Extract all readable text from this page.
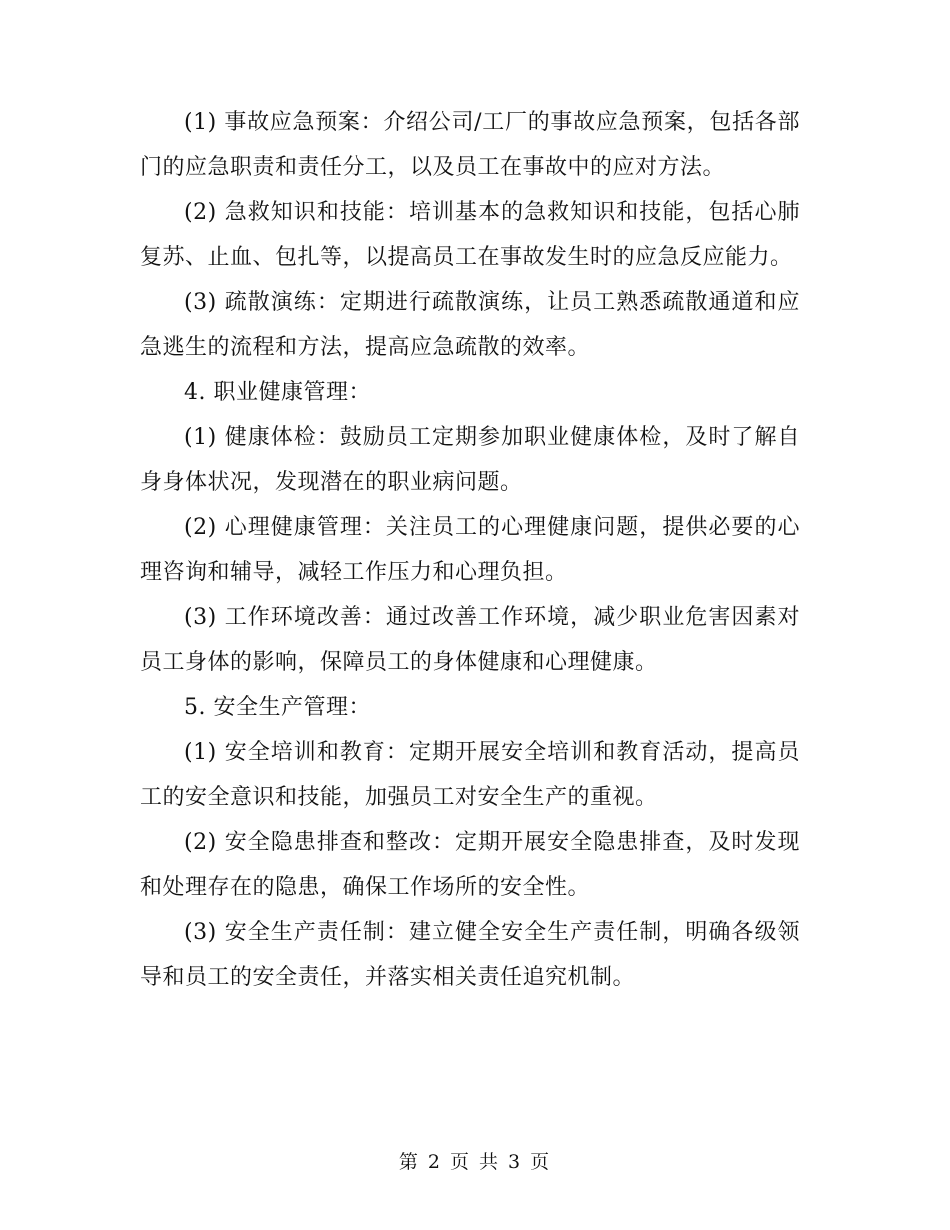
(1) 事故应急预案：介绍公司/工厂的事故应急预案，包括各部门的应急职责和责任分工，以及员工在事故中的应对方法。

(2) 急救知识和技能：培训基本的急救知识和技能，包括心肺复苏、止血、包扎等，以提高员工在事故发生时的应急反应能力。

(3) 疏散演练：定期进行疏散演练，让员工熟悉疏散通道和应急逃生的流程和方法，提高应急疏散的效率。

4. 职业健康管理：

(1) 健康体检：鼓励员工定期参加职业健康体检，及时了解自身身体状况，发现潜在的职业病问题。

(2) 心理健康管理：关注员工的心理健康问题，提供必要的心理咨询和辅导，减轻工作压力和心理负担。

(3) 工作环境改善：通过改善工作环境，减少职业危害因素对员工身体的影响，保障员工的身体健康和心理健康。

5. 安全生产管理：

(1) 安全培训和教育：定期开展安全培训和教育活动，提高员工的安全意识和技能，加强员工对安全生产的重视。

(2) 安全隐患排查和整改：定期开展安全隐患排查，及时发现和处理存在的隐患，确保工作场所的安全性。

(3) 安全生产责任制：建立健全安全生产责任制，明确各级领导和员工的安全责任，并落实相关责任追究机制。

第 2 页 共 3 页
